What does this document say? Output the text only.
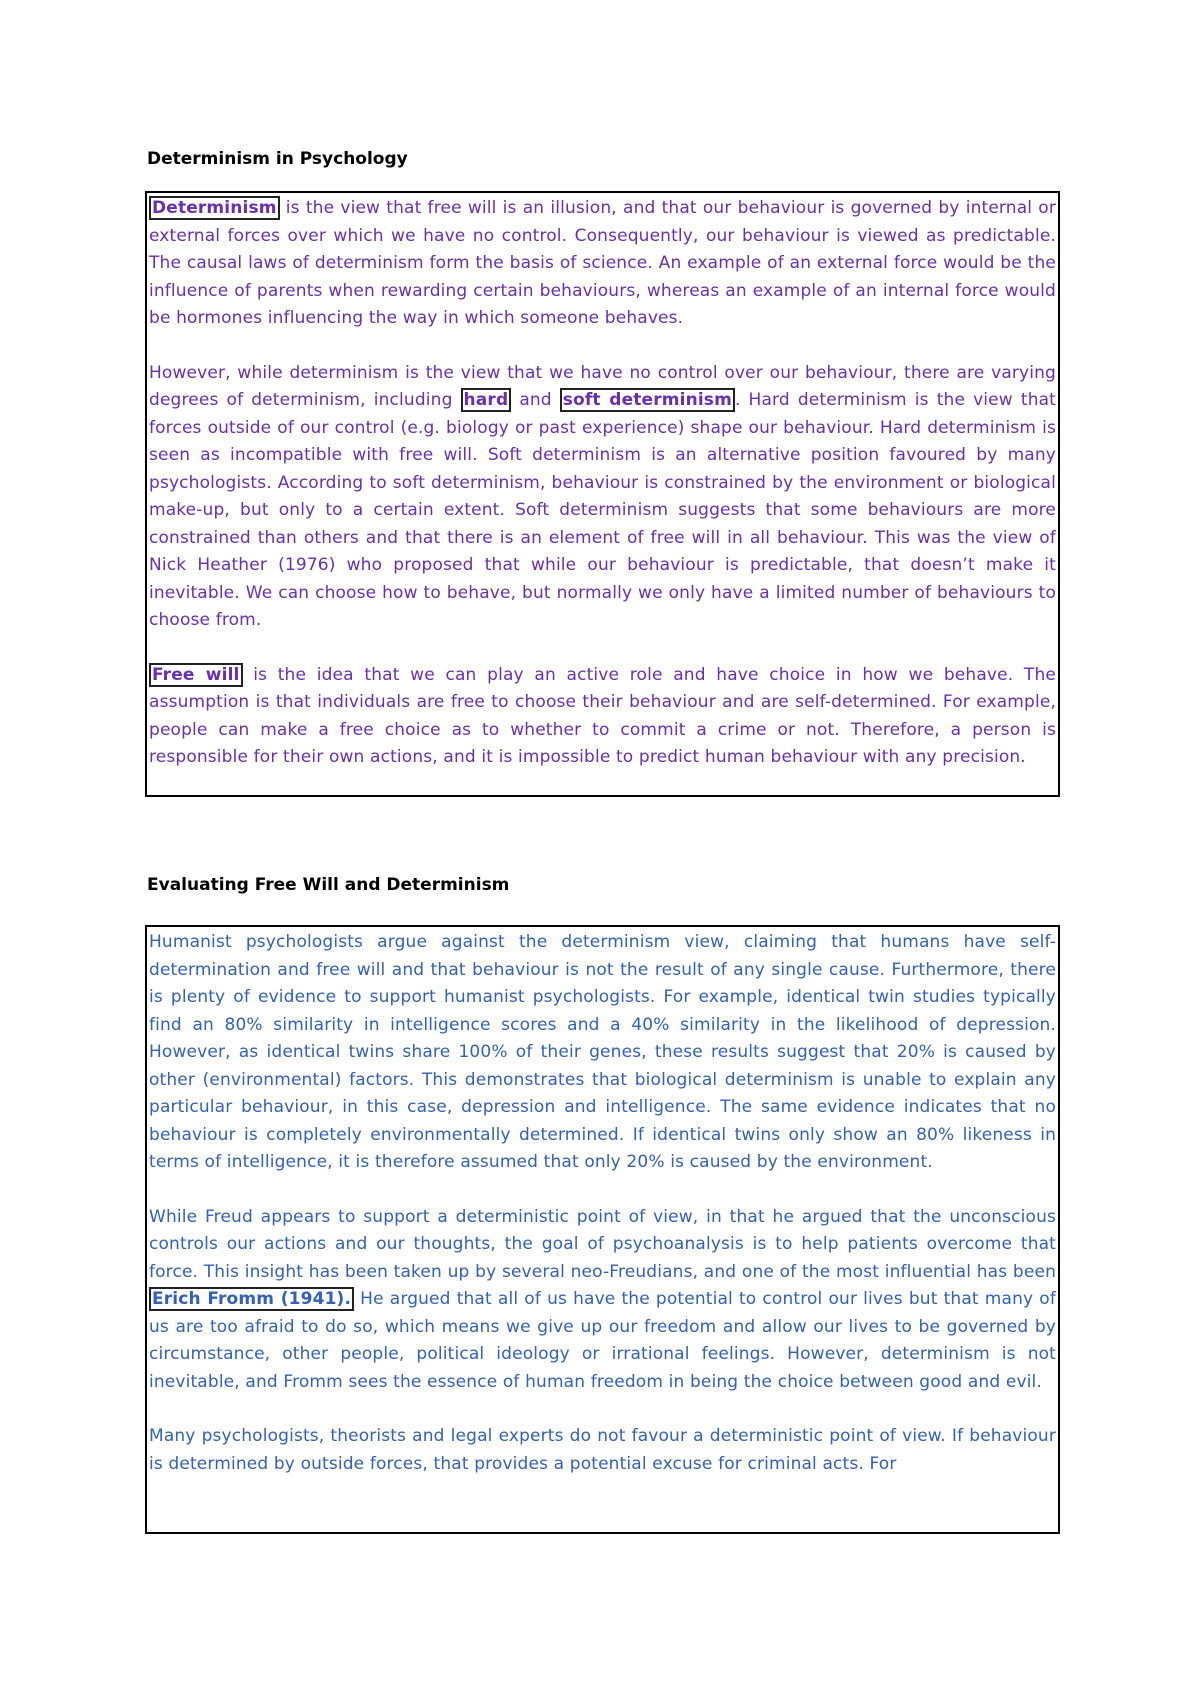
Determinism in Psychology

Determinism is the view that free will is an illusion, and that our behaviour is governed by internal or external forces over which we have no control. Consequently, our behaviour is viewed as predictable. The causal laws of determinism form the basis of science. An example of an external force would be the influence of parents when rewarding certain behaviours, whereas an example of an internal force would be hormones influencing the way in which someone behaves.

However, while determinism is the view that we have no control over our behaviour, there are varying degrees of determinism, including hard and soft determinism . Hard determinism is the view that forces outside of our control (e.g. biology or past experience) shape our behaviour. Hard determinism is seen as incompatible with free will. Soft determinism is an alternative position favoured by many psychologists. According to soft determinism, behaviour is constrained by the environment or biological make-up, but only to a certain extent. Soft determinism suggests that some behaviours are more constrained than others and that there is an element of free will in all behaviour. This was the view of Nick Heather (1976) who proposed that while our behaviour is predictable, that doesn’t make it inevitable. We can choose how to behave, but normally we only have a limited number of behaviours to choose from.

Free will is the idea that we can play an active role and have choice in how we behave. The assumption is that individuals are free to choose their behaviour and are self-determined. For example, people can make a free choice as to whether to commit a crime or not. Therefore, a person is responsible for their own actions, and it is impossible to predict human behaviour with any precision.

Evaluating Free Will and Determinism

Humanist psychologists argue against the determinism view, claiming that humans have self-determination and free will and that behaviour is not the result of any single cause. Furthermore, there is plenty of evidence to support humanist psychologists. For example, identical twin studies typically find an 80% similarity in intelligence scores and a 40% similarity in the likelihood of depression. However, as identical twins share 100% of their genes, these results suggest that 20% is caused by other (environmental) factors. This demonstrates that biological determinism is unable to explain any particular behaviour, in this case, depression and intelligence. The same evidence indicates that no behaviour is completely environmentally determined. If identical twins only show an 80% likeness in terms of intelligence, it is therefore assumed that only 20% is caused by the environment.

While Freud appears to support a deterministic point of view, in that he argued that the unconscious controls our actions and our thoughts, the goal of psychoanalysis is to help patients overcome that force. This insight has been taken up by several neo-Freudians, and one of the most influential has been Erich Fromm (1941). He argued that all of us have the potential to control our lives but that many of us are too afraid to do so, which means we give up our freedom and allow our lives to be governed by circumstance, other people, political ideology or irrational feelings. However, determinism is not inevitable, and Fromm sees the essence of human freedom in being the choice between good and evil.

Many psychologists, theorists and legal experts do not favour a deterministic point of view. If behaviour is determined by outside forces, that provides a potential excuse for criminal acts. For
